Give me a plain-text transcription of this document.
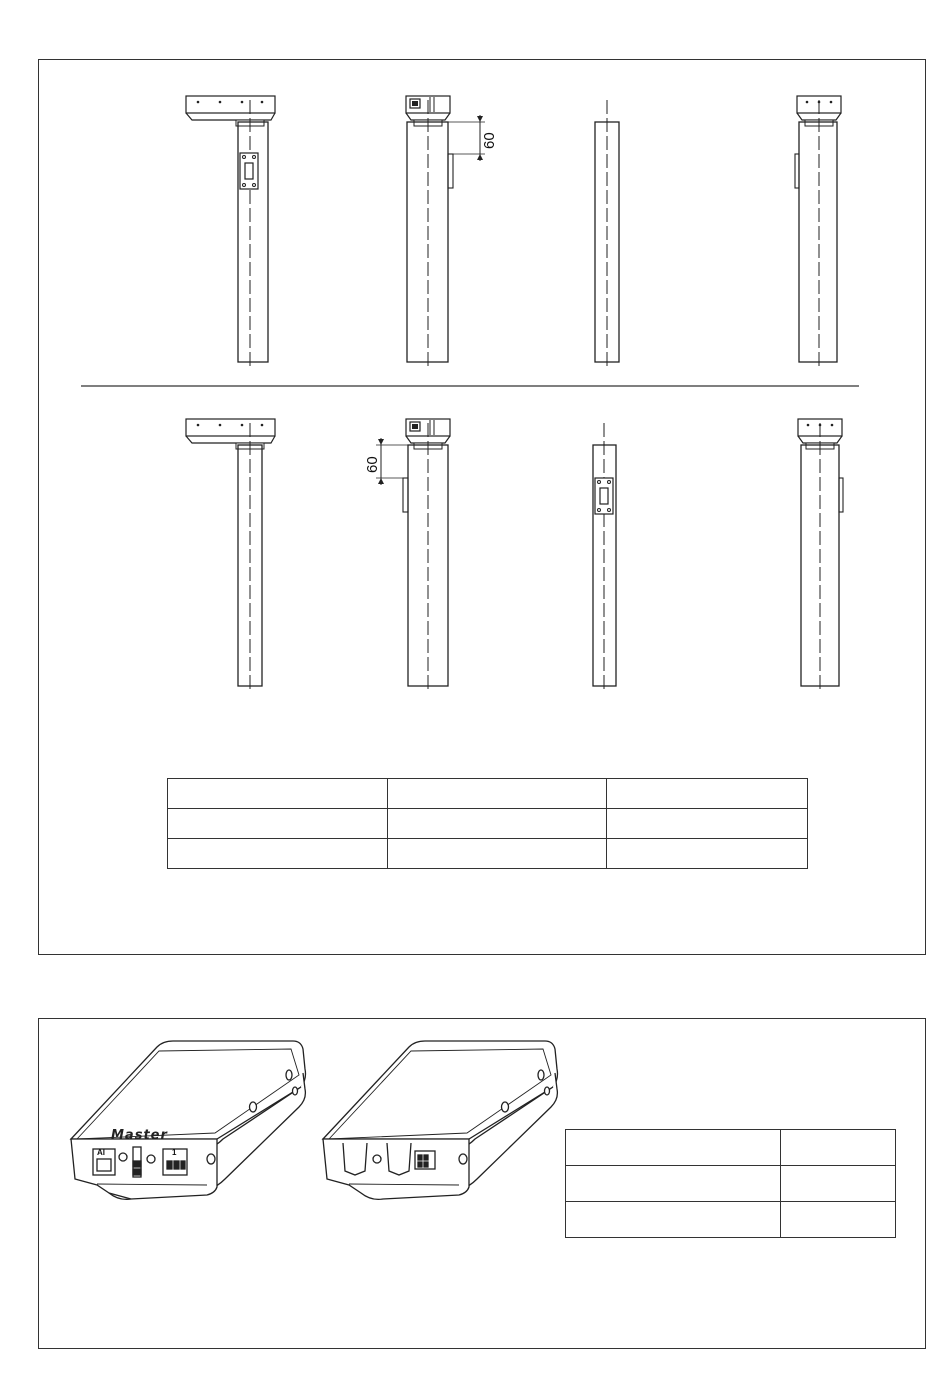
60
60

Master
AI	1
